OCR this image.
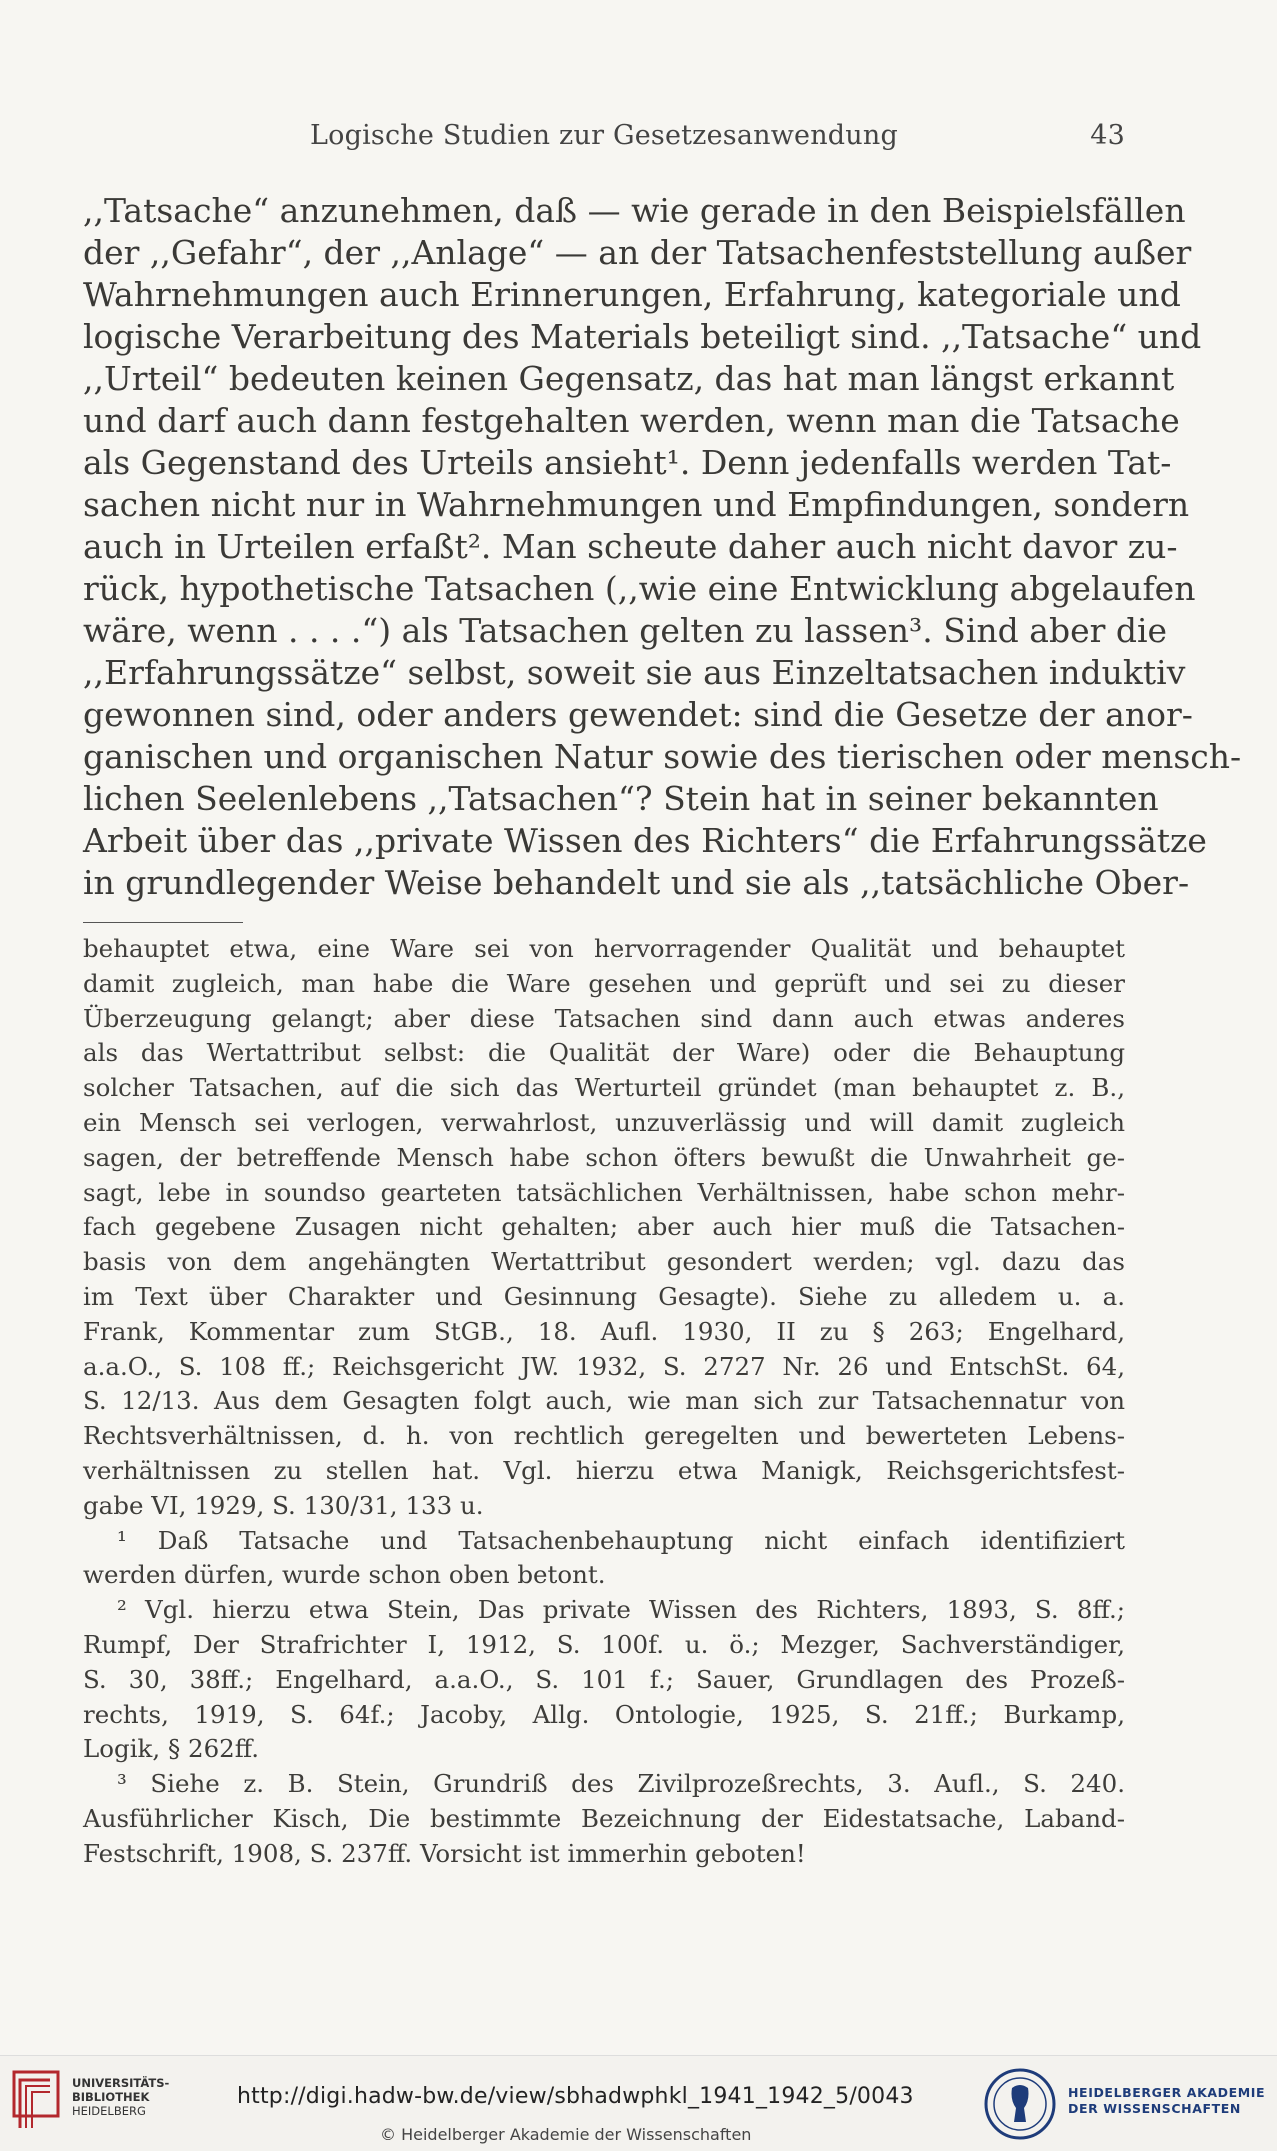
Logische Studien zur Gesetzesanwendung	43
,,Tatsache“ anzunehmen, daß — wie gerade in den Beispielsfällen
der ,,Gefahr“, der ,,Anlage“ — an der Tatsachenfeststellung außer
Wahrnehmungen auch Erinnerungen, Erfahrung, kategoriale und
logische Verarbeitung des Materials beteiligt sind. ,,Tatsache“ und
,,Urteil“ bedeuten keinen Gegensatz, das hat man längst erkannt
und darf auch dann festgehalten werden, wenn man die Tatsache
als Gegenstand des Urteils ansieht¹. Denn jedenfalls werden Tat-
sachen nicht nur in Wahrnehmungen und Empfindungen, sondern
auch in Urteilen erfaßt². Man scheute daher auch nicht davor zu-
rück, hypothetische Tatsachen (,,wie eine Entwicklung abgelaufen
wäre, wenn . . . .“) als Tatsachen gelten zu lassen³. Sind aber die
,,Erfahrungssätze“ selbst, soweit sie aus Einzeltatsachen induktiv
gewonnen sind, oder anders gewendet: sind die Gesetze der anor-
ganischen und organischen Natur sowie des tierischen oder mensch-
lichen Seelenlebens ,,Tatsachen“? Stein hat in seiner bekannten
Arbeit über das ,,private Wissen des Richters“ die Erfahrungssätze
in grundlegender Weise behandelt und sie als ,,tatsächliche Ober-
behauptet etwa, eine Ware sei von hervorragender Qualität und behauptet
damit zugleich, man habe die Ware gesehen und geprüft und sei zu dieser
Überzeugung gelangt; aber diese Tatsachen sind dann auch etwas anderes
als das Wertattribut selbst: die Qualität der Ware) oder die Behauptung
solcher Tatsachen, auf die sich das Werturteil gründet (man behauptet z. B.,
ein Mensch sei verlogen, verwahrlost, unzuverlässig und will damit zugleich
sagen, der betreffende Mensch habe schon öfters bewußt die Unwahrheit ge-
sagt, lebe in soundso gearteten tatsächlichen Verhältnissen, habe schon mehr-
fach gegebene Zusagen nicht gehalten; aber auch hier muß die Tatsachen-
basis von dem angehängten Wertattribut gesondert werden; vgl. dazu das
im Text über Charakter und Gesinnung Gesagte). Siehe zu alledem u. a.
Frank, Kommentar zum StGB., 18. Aufl. 1930, II zu § 263; Engelhard,
a.a.O., S. 108 ff.; Reichsgericht JW. 1932, S. 2727 Nr. 26 und EntschSt. 64,
S. 12/13. Aus dem Gesagten folgt auch, wie man sich zur Tatsachennatur von
Rechtsverhältnissen, d. h. von rechtlich geregelten und bewerteten Lebens-
verhältnissen zu stellen hat. Vgl. hierzu etwa Manigk, Reichsgerichtsfest-
gabe VI, 1929, S. 130/31, 133 u.
¹ Daß Tatsache und Tatsachenbehauptung nicht einfach identifiziert
werden dürfen, wurde schon oben betont.
² Vgl. hierzu etwa Stein, Das private Wissen des Richters, 1893, S. 8ff.;
Rumpf, Der Strafrichter I, 1912, S. 100f. u. ö.; Mezger, Sachverständiger,
S. 30, 38ff.; Engelhard, a.a.O., S. 101 f.; Sauer, Grundlagen des Prozeß-
rechts, 1919, S. 64f.; Jacoby, Allg. Ontologie, 1925, S. 21ff.; Burkamp,
Logik, § 262ff.
³ Siehe z. B. Stein, Grundriß des Zivilprozeßrechts, 3. Aufl., S. 240.
Ausführlicher Kisch, Die bestimmte Bezeichnung der Eidestatsache, Laband-
Festschrift, 1908, S. 237ff. Vorsicht ist immerhin geboten!
UNIVERSITÄTS-
BIBLIOTHEK
HEIDELBERG
http://digi.hadw-bw.de/view/sbhadwphkl_1941_1942_5/0043
© Heidelberger Akademie der Wissenschaften
HEIDELBERGER AKADEMIE
DER WISSENSCHAFTEN
